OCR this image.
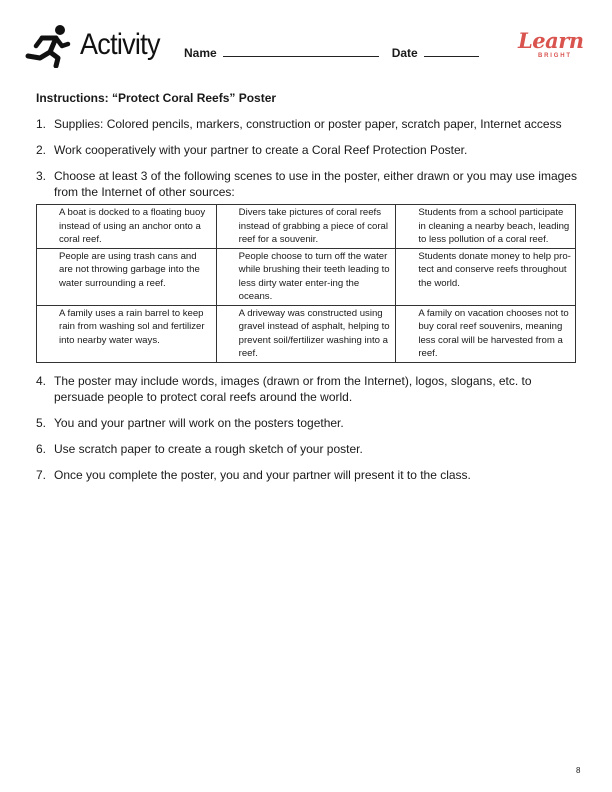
Activity Name	Date	Learn
BRIGHT
Instructions: “Protect Coral Reefs” Poster
1. Supplies: Colored pencils, markers, construction or poster paper, scratch paper, Internet access
2. Work cooperatively with your partner to create a Coral Reef Protection Poster.
3. Choose at least 3 of the following scenes to use in the poster, either drawn or you may use images from the Internet of other sources:
A boat is docked to a floating buoy instead of using an anchor onto a coral reef.	Divers take pictures of coral reefs instead of grabbing a piece of coral reef for a souvenir.	Students from a school participate in cleaning a nearby beach, leading to less pollution of a coral reef.
People are using trash cans and are not throwing garbage into the water surrounding a reef.	People choose to turn off the water while brushing their teeth leading to less dirty water enter-ing the oceans.	Students donate money to help pro-tect and conserve reefs throughout the world.
A family uses a rain barrel to keep rain from washing sol and fertilizer into nearby water ways.	A driveway was constructed using gravel instead of asphalt, helping to prevent soil/fertilizer washing into a reef.	A family on vacation chooses not to buy coral reef souvenirs, meaning less coral will be harvested from a reef.
4. The poster may include words, images (drawn or from the Internet), logos, slogans, etc. to persuade people to protect coral reefs around the world.
5. You and your partner will work on the posters together.
6. Use scratch paper to create a rough sketch of your poster.
7. Once you complete the poster, you and your partner will present it to the class.
8
